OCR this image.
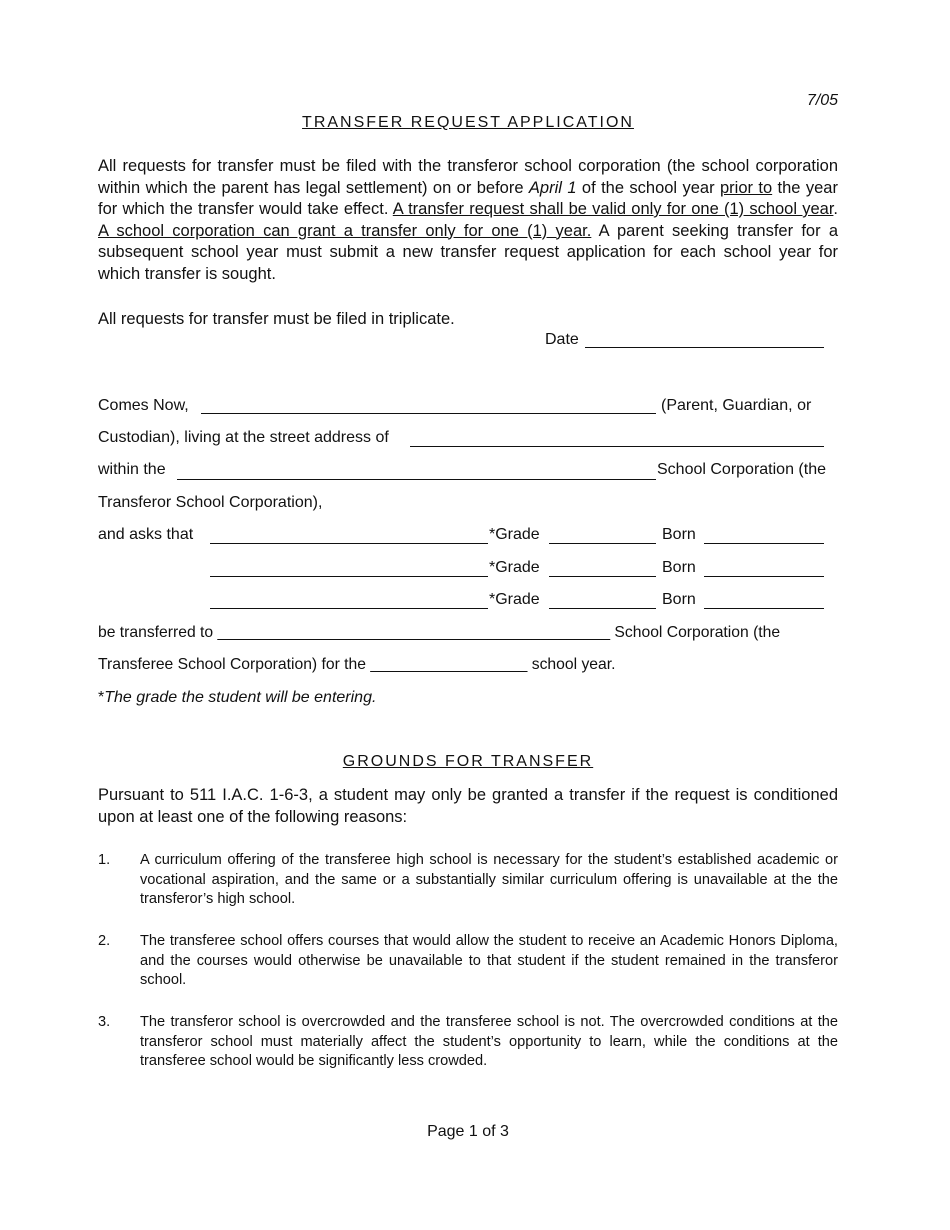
7/05
TRANSFER REQUEST APPLICATION
All requests for transfer must be filed with the transferor school corporation (the school corporation within which the parent has legal settlement) on or before April 1 of the school year prior to the year for which the transfer would take effect. A transfer request shall be valid only for one (1) school year. A school corporation can grant a transfer only for one (1) year. A parent seeking transfer for a subsequent school year must submit a new transfer request application for each school year for which transfer is sought.
All requests for transfer must be filed in triplicate.
Date
Comes Now,	(Parent, Guardian, or
Custodian), living at the street address of
within the	School Corporation (the
Transferor School Corporation),
and asks that	*Grade	Born
*Grade	Born
*Grade	Born
be transferred to _____________________________________________ School Corporation (the
Transferee School Corporation) for the __________________ school year.
*The grade the student will be entering.
GROUNDS FOR TRANSFER
Pursuant to 511 I.A.C. 1-6-3, a student may only be granted a transfer if the request is conditioned upon at least one of the following reasons:
1. A curriculum offering of the transferee high school is necessary for the student’s established academic or vocational aspiration, and the same or a substantially similar curriculum offering is unavailable at the the transferor’s high school.
2. The transferee school offers courses that would allow the student to receive an Academic Honors Diploma, and the courses would otherwise be unavailable to that student if the student remained in the transferor school.
3. The transferor school is overcrowded and the transferee school is not. The overcrowded conditions at the transferor school must materially affect the student’s opportunity to learn, while the conditions at the transferee school would be significantly less crowded.
Page 1 of 3
